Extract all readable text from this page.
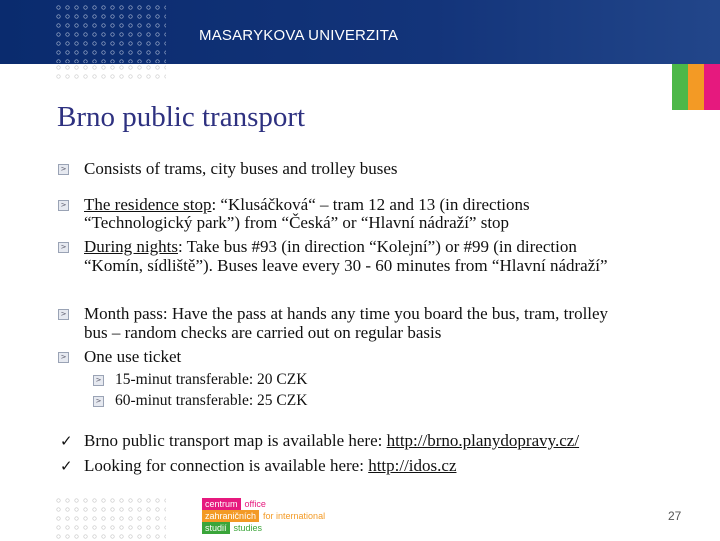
MASARYKOVA UNIVERZITA
Brno public transport
> Consists of trams, city buses and trolley buses
> The residence stop: “Klusáčková“ – tram 12 and 13 (in directions
“Technologický park”) from “Česká” or “Hlavní nádraží” stop
> During nights: Take bus #93 (in direction “Kolejní”) or #99 (in direction
“Komín, sídliště”). Buses leave every 30 - 60 minutes from “Hlavní nádraží”
> Month pass: Have the pass at hands any time you board the bus, tram, trolley
bus – random checks are carried out on regular basis
> One use ticket
> 15-minut transferable: 20 CZK
> 60-minut transferable: 25 CZK
✓ Brno public transport map is available here: http://brno.planydopravy.cz/
✓ Looking for connection is available here: http://idos.cz
centrum office
zahraničních for international
studií studies
27
